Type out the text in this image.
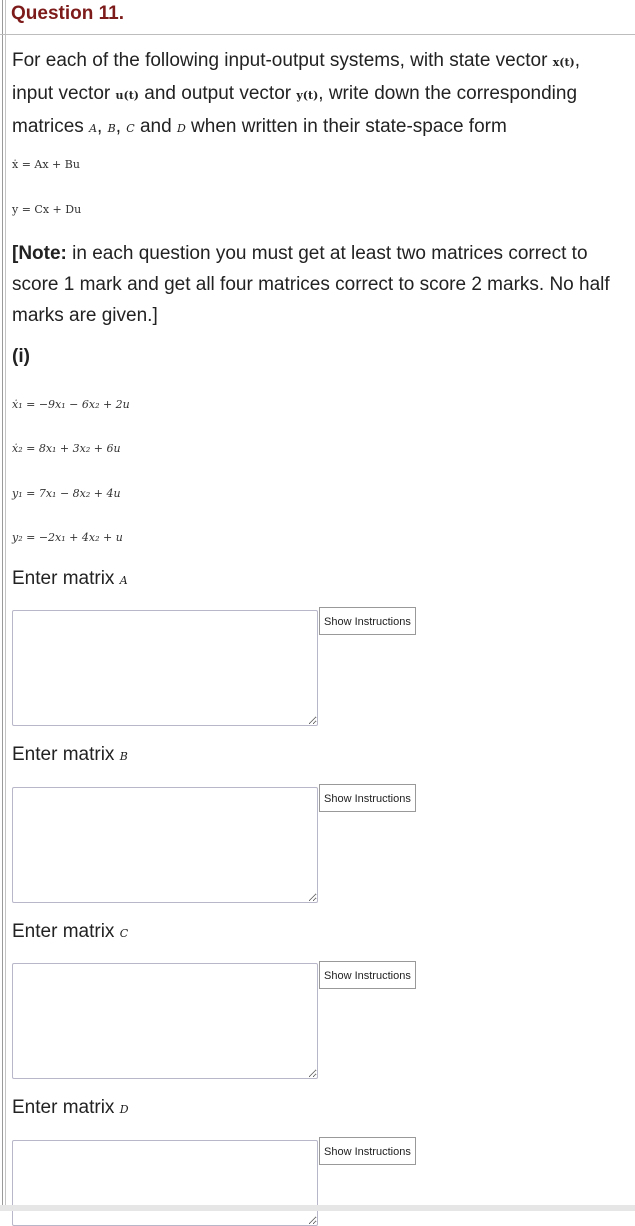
Question 11.

For each of the following input-output systems, with state vector x(t),
input vector u(t) and output vector y(t), write down the corresponding
matrices A, B, C and D when written in their state-space form

ẋ = Ax + Bu
y = Cx + Du

[Note: in each question you must get at least two matrices correct to score 1 mark and get all four matrices correct to score 2 marks. No half marks are given.]

(i)
ẋ₁ = −9x₁ − 6x₂ + 2u
ẋ₂ = 8x₁ + 3x₂ + 6u
y₁ = 7x₁ − 8x₂ + 4u
y₂ = −2x₁ + 4x₂ + u
Enter matrix A
Show Instructions
Enter matrix B
Show Instructions
Enter matrix C
Show Instructions
Enter matrix D
Show Instructions
